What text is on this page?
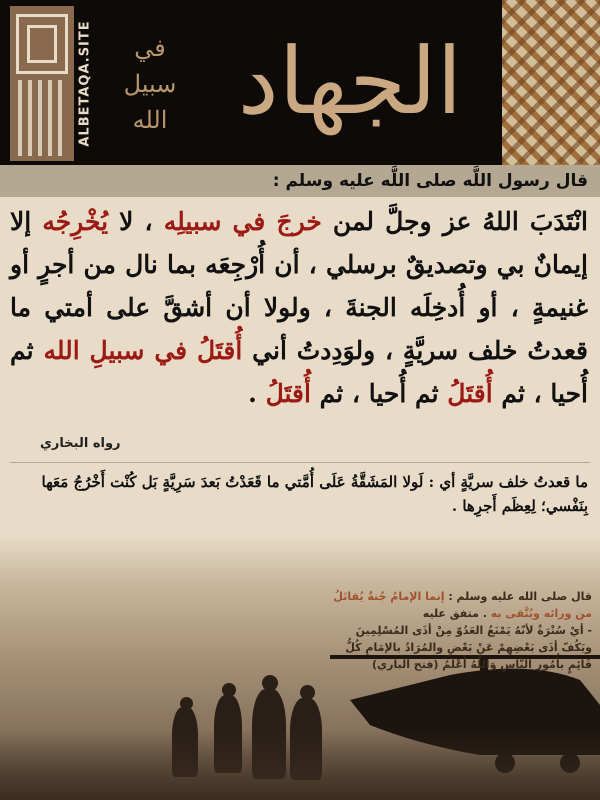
ALBETAQA.SITE	في
سبيل
الله الجهاد
قال رسول اللَّه صلى اللَّه عليه وسلم :
انْتَدَبَ اللهُ عز وجلَّ لمن خرجَ في سبيلِه ، لا يُخْرِجُه إلا إيمانٌ بي وتصديقٌ برسلي ، أن أُرْجِعَه بما نال من أجرٍ أو غنيمةٍ ، أو أُدخِلَه الجنةَ ، ولولا أن أشقَّ على أمتي ما قعدتُ خلف سريَّةٍ ، ولوَدِدتُ أني أُقتَلُ في سبيلِ الله ثم أُحيا ، ثم أُقتَلُ ثم أُحيا ، ثم أُقتَلُ .
رواه البخاري
ما قعدتُ خلف سريَّةٍ أي : لَولا المَشَقَّةُ عَلَى أُمَّتي ما قَعَدْتُ بَعدَ سَرِيَّةٍ بَل كُنْت أَخْرُجُ مَعَها بِنَفْسي؛ لِعِظَم أَجرِها .
قال صلى الله عليه وسلم : إنما الإمامُ جُنةٌ يُقاتَلُ من ورائه ويُتَّقى به . متفق عليه
- أيْ سُتْرَةٌ لأنّهُ يَمْنَعُ العَدُوّ مِنْ أذَى المُسْلِمِينَ ويَكُفّ أذَى بَعْضِهِمْ عَنْ بَعْضٍ والمُرَادُ بالإمَامِ كُلُّ قَائِمٍ بأُمُورِ النَّاسِ وَاللَّهُ أَعْلَمُ (فتح الباري)
